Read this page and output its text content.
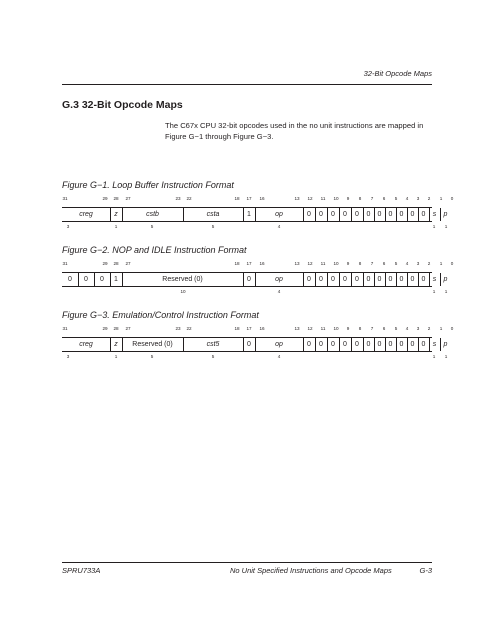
32-Bit Opcode Maps
G.3 32-Bit Opcode Maps
The C67x CPU 32-bit opcodes used in the no unit instructions are mapped in
Figure G−1 through Figure G−3.
Figure G−1. Loop Buffer Instruction Format
31	29	28	27	23	22	18	17	16	13	12	11	10	9	8	7	6	5	4	3	2	1	0
creg	z	cstb	csta	1	op	0	0	0	0	0	0	0	0	0	0	0	s	p
3	1	5	5	4	1	1
Figure G−2. NOP and IDLE Instruction Format
31	29	28	27	18	17	16	13	12	11	10	9	8	7	6	5	4	3	2	1	0
0	0	0	1	Reserved (0)	0	op	0	0	0	0	0	0	0	0	0	0	0	s	p
10	4	1	1
Figure G−3. Emulation/Control Instruction Format
31	29	28	27	23	22	18	17	16	13	12	11	10	9	8	7	6	5	4	3	2	1	0
creg	z	Reserved (0)	cst5	0	op	0	0	0	0	0	0	0	0	0	0	0	s	p
3	1	5	5	4	1	1
SPRU733A	No Unit Specified Instructions and Opcode Maps	G-3
